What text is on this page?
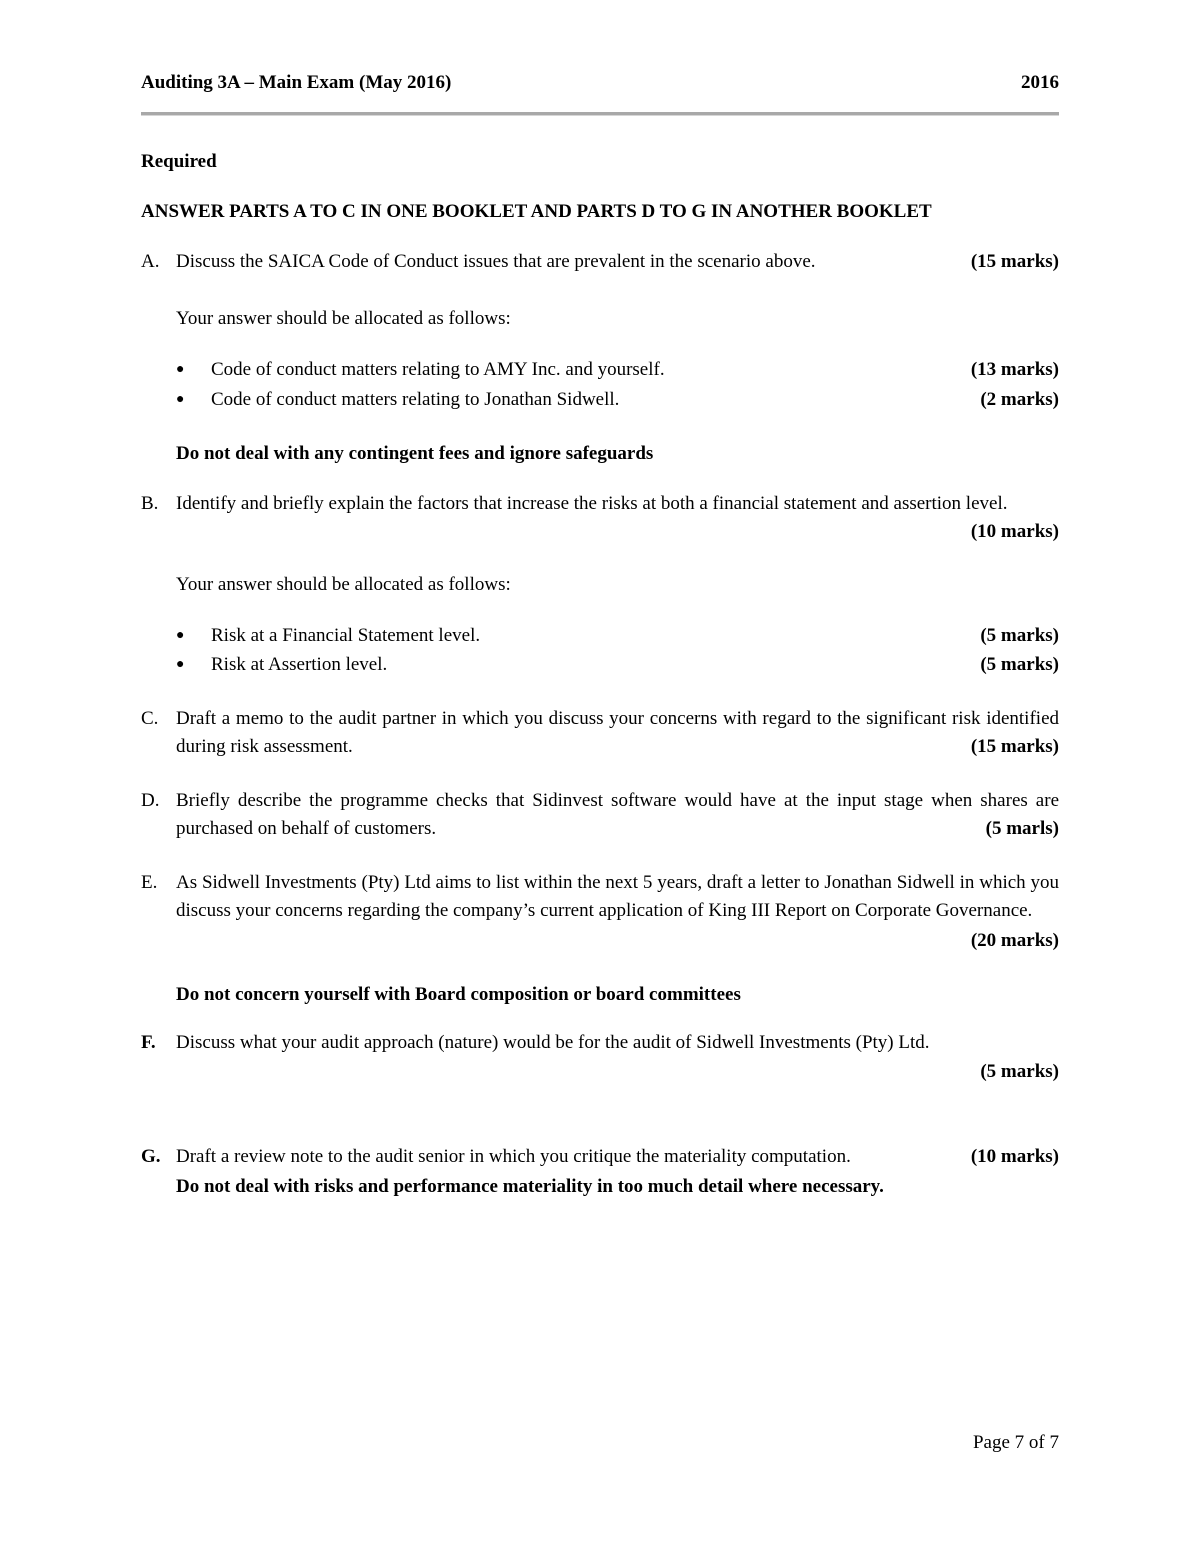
Auditing 3A – Main Exam (May 2016)	2016
Required
ANSWER PARTS A TO C IN ONE BOOKLET AND PARTS D TO G IN ANOTHER BOOKLET
A. Discuss the SAICA Code of Conduct issues that are prevalent in the scenario above.	(15 marks)
Your answer should be allocated as follows:
● Code of conduct matters relating to AMY Inc. and yourself.	(13 marks)
● Code of conduct matters relating to Jonathan Sidwell.	(2 marks)
Do not deal with any contingent fees and ignore safeguards
B. Identify and briefly explain the factors that increase the risks at both a financial statement and assertion level.
(10 marks)
Your answer should be allocated as follows:
● Risk at a Financial Statement level.	(5 marks)
● Risk at Assertion level.	(5 marks)
C. Draft a memo to the audit partner in which you discuss your concerns with regard to the significant risk identified during risk assessment.	(15 marks)
D. Briefly describe the programme checks that Sidinvest software would have at the input stage when shares are purchased on behalf of customers.	(5 marls)
E. As Sidwell Investments (Pty) Ltd aims to list within the next 5 years, draft a letter to Jonathan Sidwell in which you discuss your concerns regarding the company’s current application of King III Report on Corporate Governance.
(20 marks)
Do not concern yourself with Board composition or board committees
F. Discuss what your audit approach (nature) would be for the audit of Sidwell Investments (Pty) Ltd.
(5 marks)
G. Draft a review note to the audit senior in which you critique the materiality computation.	(10 marks)
Do not deal with risks and performance materiality in too much detail where necessary.
Page 7 of 7
